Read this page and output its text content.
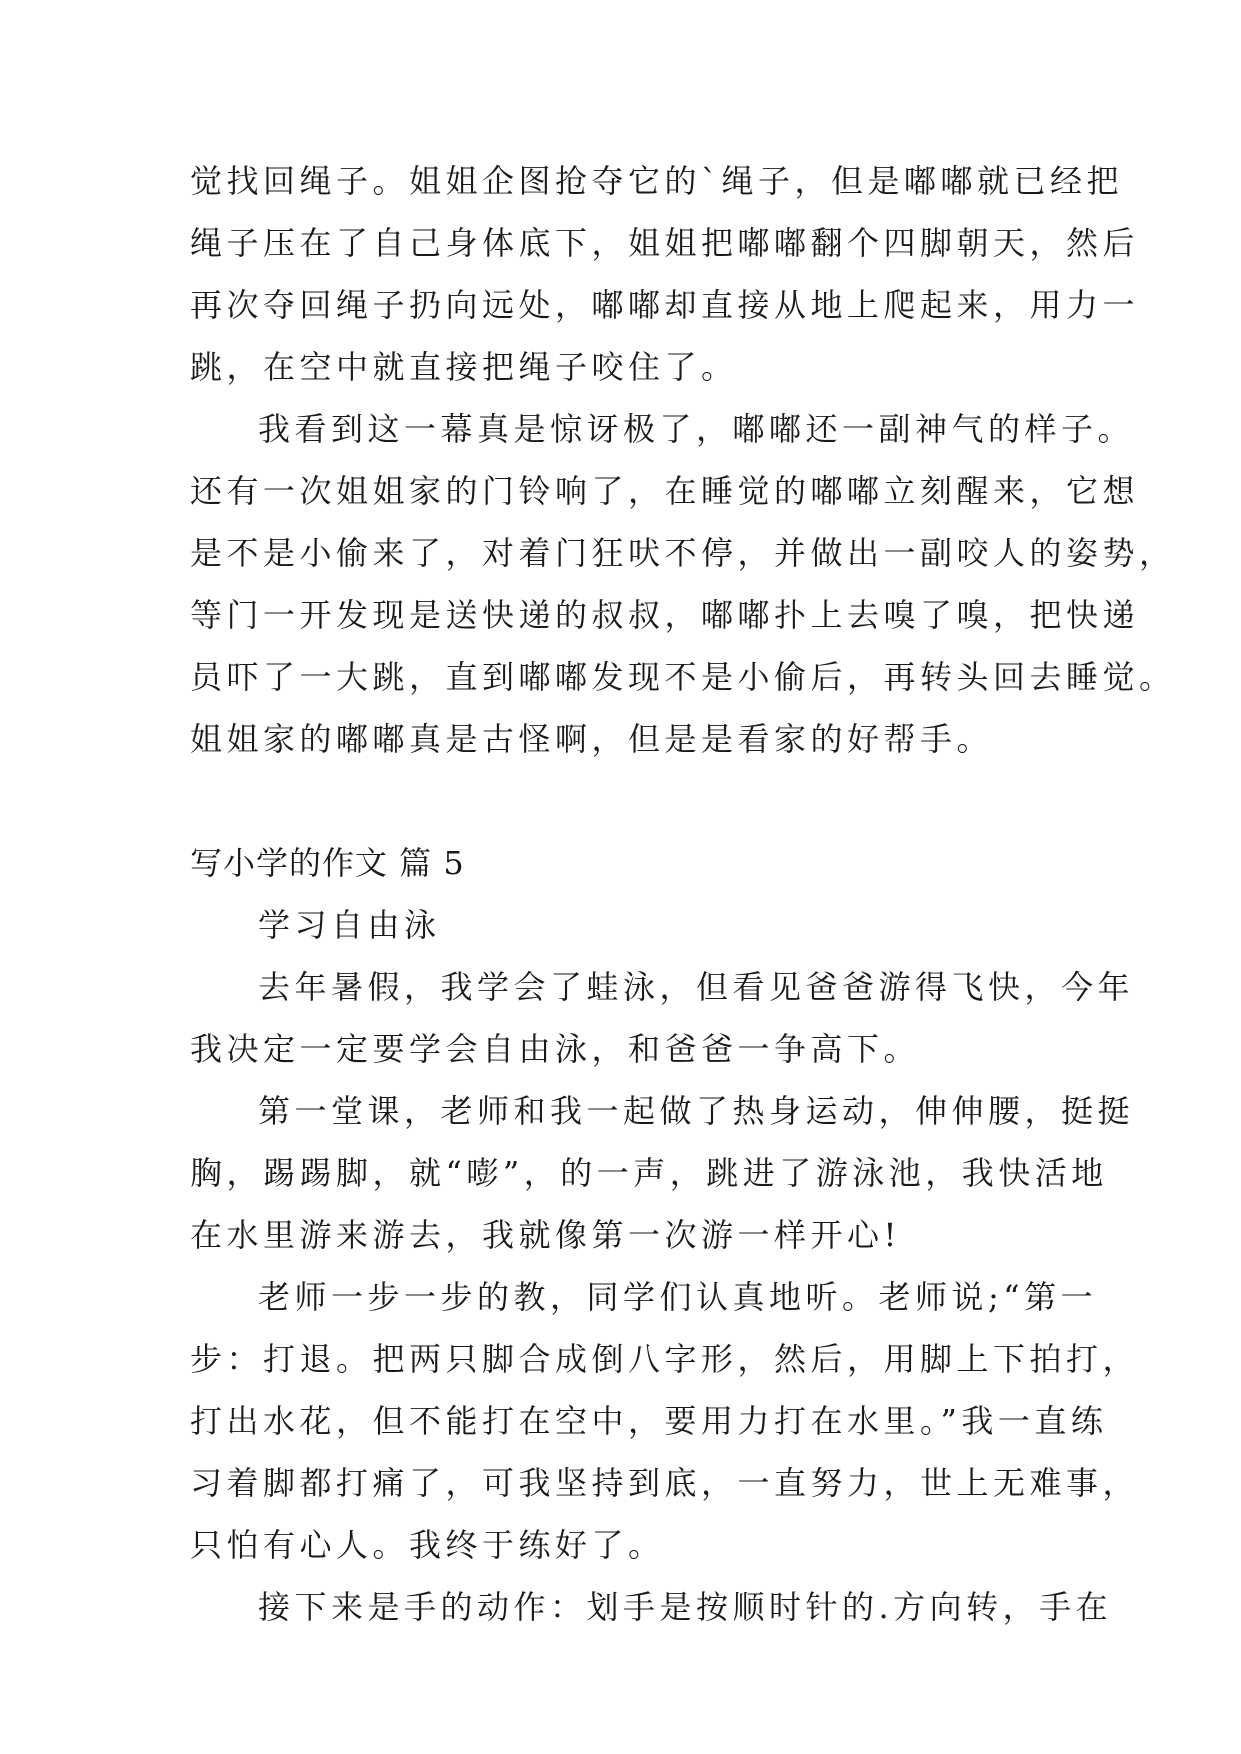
觉找回绳子。姐姐企图抢夺它的`绳子，但是嘟嘟就已经把
绳子压在了自己身体底下，姐姐把嘟嘟翻个四脚朝天，然后
再次夺回绳子扔向远处，嘟嘟却直接从地上爬起来，用力一
跳，在空中就直接把绳子咬住了。
我看到这一幕真是惊讶极了，嘟嘟还一副神气的样子。
还有一次姐姐家的门铃响了，在睡觉的嘟嘟立刻醒来，它想
是不是小偷来了，对着门狂吠不停，并做出一副咬人的姿势，
等门一开发现是送快递的叔叔，嘟嘟扑上去嗅了嗅，把快递
员吓了一大跳，直到嘟嘟发现不是小偷后，再转头回去睡觉。
姐姐家的嘟嘟真是古怪啊，但是是看家的好帮手。
写小学的作文 篇 5
学习自由泳
去年暑假，我学会了蛙泳，但看见爸爸游得飞快，今年
我决定一定要学会自由泳，和爸爸一争高下。
第一堂课，老师和我一起做了热身运动，伸伸腰，挺挺
胸，踢踢脚，就“嘭”，的一声，跳进了游泳池，我快活地
在水里游来游去，我就像第一次游一样开心!
老师一步一步的教，同学们认真地听。老师说;“第一
步：打退。把两只脚合成倒八字形，然后，用脚上下拍打，
打出水花，但不能打在空中，要用力打在水里。”我一直练
习着脚都打痛了，可我坚持到底，一直努力，世上无难事，
只怕有心人。我终于练好了。
接下来是手的动作：划手是按顺时针的.方向转，手在
